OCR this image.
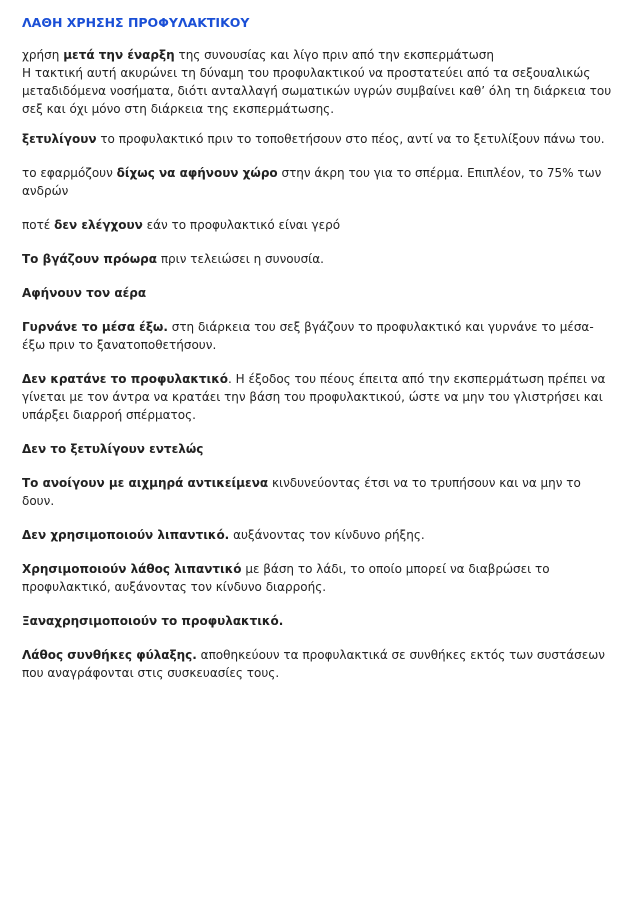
ΛΑΘΗ ΧΡΗΣΗΣ ΠΡΟΦΥΛΑΚΤΙΚΟΥ

χρήση μετά την έναρξη της συνουσίας και λίγο πριν από την εκσπερμάτωση
Η τακτική αυτή ακυρώνει τη δύναμη του προφυλακτικού να προστατεύει από τα σεξουαλικώς μεταδιδόμενα νοσήματα, διότι ανταλλαγή σωματικών υγρών συμβαίνει καθ’ όλη τη διάρκεια του σεξ και όχι μόνο στη διάρκεια της εκσπερμάτωσης.

ξετυλίγουν το προφυλακτικό πριν το τοποθετήσουν στο πέος, αντί να το ξετυλίξουν πάνω του.

το εφαρμόζουν δίχως να αφήνουν χώρο στην άκρη του για το σπέρμα. Επιπλέον, το 75% των ανδρών

ποτέ δεν ελέγχουν εάν το προφυλακτικό είναι γερό

Το βγάζουν πρόωρα πριν τελειώσει η συνουσία.

Αφήνουν τον αέρα

Γυρνάνε το μέσα έξω. στη διάρκεια του σεξ βγάζουν το προφυλακτικό και γυρνάνε το μέσα-έξω πριν το ξανατοποθετήσουν.

Δεν κρατάνε το προφυλακτικό. Η έξοδος του πέους έπειτα από την εκσπερμάτωση πρέπει να γίνεται με τον άντρα να κρατάει την βάση του προφυλακτικού, ώστε να μην του γλιστρήσει και υπάρξει διαρροή σπέρματος.

Δεν το ξετυλίγουν εντελώς

Το ανοίγουν με αιχμηρά αντικείμενα κινδυνεύοντας έτσι να το τρυπήσουν και να μην το δουν.

Δεν χρησιμοποιούν λιπαντικό. αυξάνοντας τον κίνδυνο ρήξης.

Χρησιμοποιούν λάθος λιπαντικό με βάση το λάδι, το οποίο μπορεί να διαβρώσει το προφυλακτικό, αυξάνοντας τον κίνδυνο διαρροής.

Ξαναχρησιμοποιούν το προφυλακτικό.

Λάθος συνθήκες φύλαξης. αποθηκεύουν τα προφυλακτικά σε συνθήκες εκτός των συστάσεων που αναγράφονται στις συσκευασίες τους.
